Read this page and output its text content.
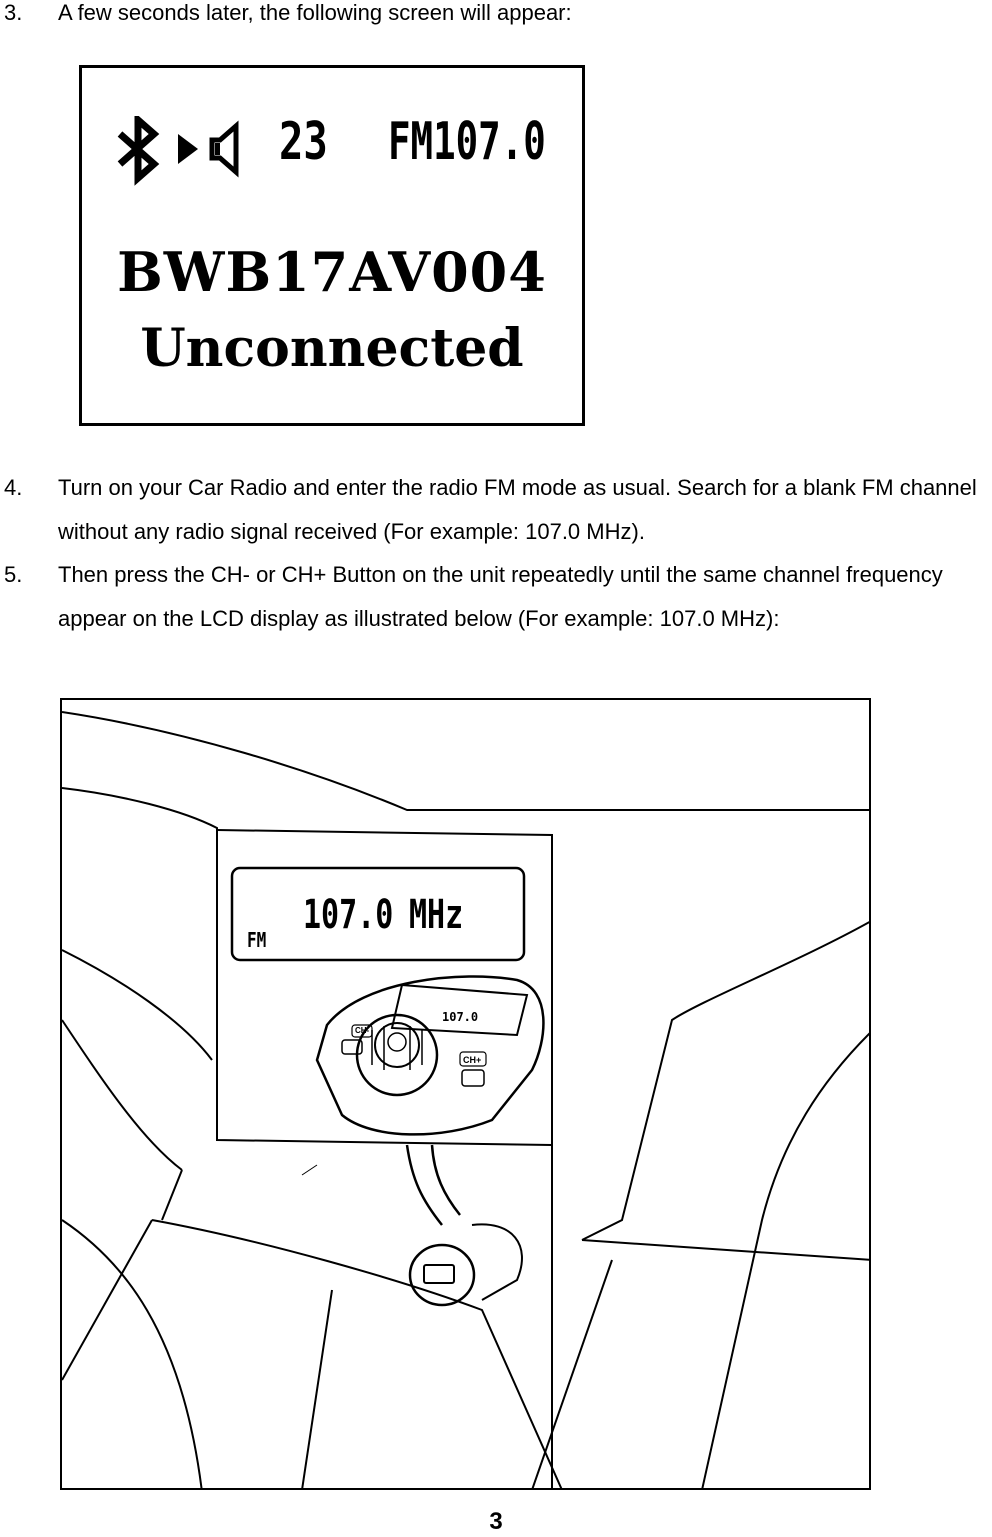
3. A few seconds later, the following screen will appear:
23 FM107.0
BWB17AV004
Unconnected
4. Turn on your Car Radio and enter the radio FM mode as usual. Search for a blank FM channel without any radio signal received (For example: 107.0 MHz).
5. Then press the CH- or CH+ Button on the unit repeatedly until the same channel frequency appear on the LCD display as illustrated below (For example: 107.0 MHz):
107.0 MHz
FM
107.0
CH-
CH+
3
